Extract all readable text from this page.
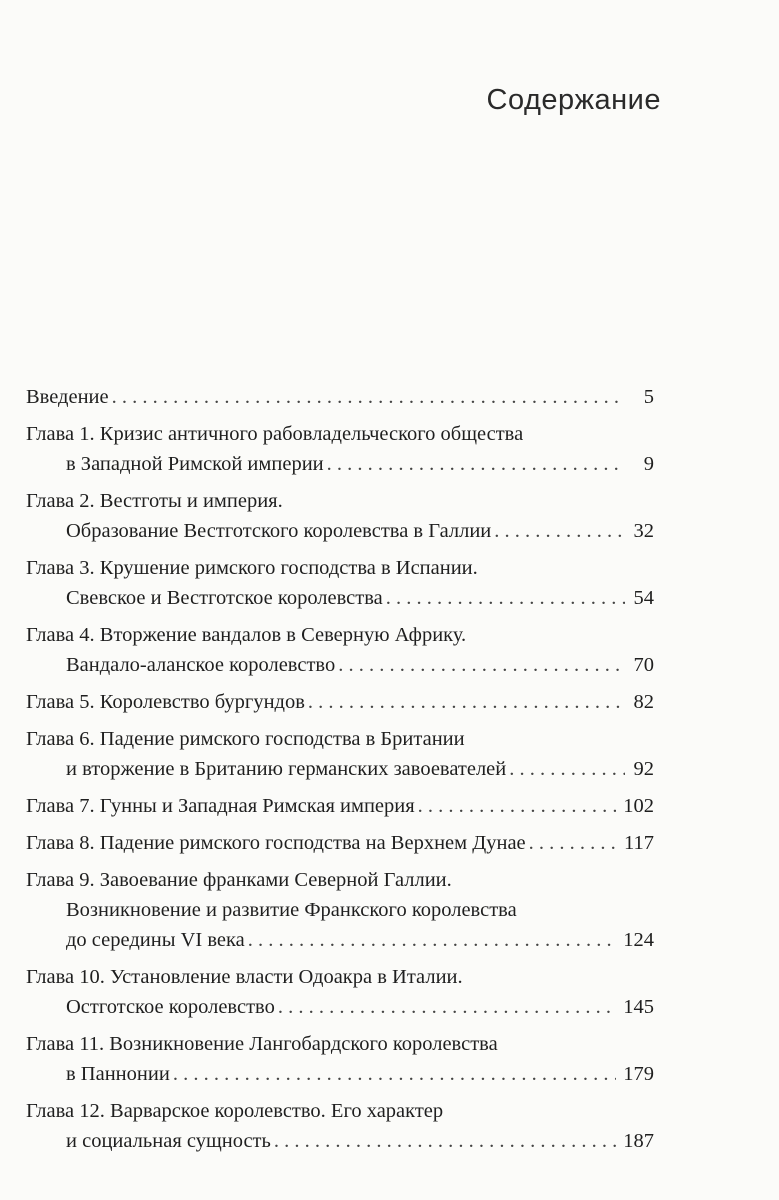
Содержание
Введение . . .	5
Глава 1. Кризис античного рабовладельческого общества
в Западной Римской империи . . .	9
Глава 2. Вестготы и империя.
Образование Вестготского королевства в Галлии . . .	32
Глава 3. Крушение римского господства в Испании.
Свевское и Вестготское королевства . . .	54
Глава 4. Вторжение вандалов в Северную Африку.
Вандало-аланское королевство . . .	70
Глава 5. Королевство бургундов . . .	82
Глава 6. Падение римского господства в Британии
и вторжение в Британию германских завоевателей . . .	92
Глава 7. Гунны и Западная Римская империя . . .	102
Глава 8. Падение римского господства на Верхнем Дунае . . .	117
Глава 9. Завоевание франками Северной Галлии.
Возникновение и развитие Франкского королевства
до середины VI века . . .	124
Глава 10. Установление власти Одоакра в Италии.
Остготское королевство . . .	145
Глава 11. Возникновение Лангобардского королевства
в Паннонии . . .	179
Глава 12. Варварское королевство. Его характер
и социальная сущность . . .	187
